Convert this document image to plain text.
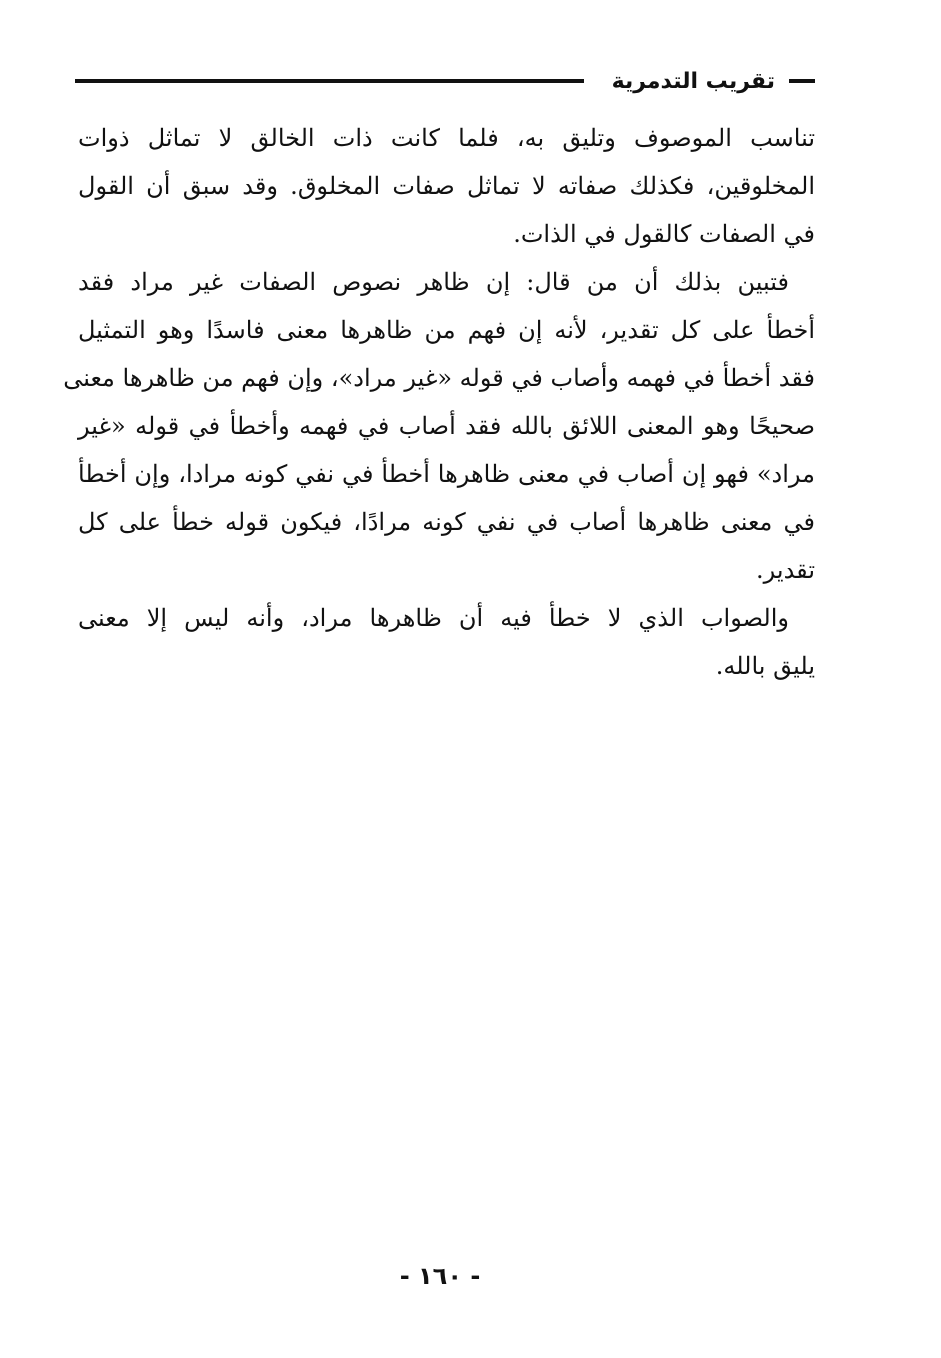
تقريب التدمرية

تناسب الموصوف وتليق به، فلما كانت ذات الخالق لا تماثل ذوات
المخلوقين، فكذلك صفاته لا تماثل صفات المخلوق. وقد سبق أن القول
في الصفات كالقول في الذات.

فتبين بذلك أن من قال: إن ظاهر نصوص الصفات غير مراد فقد
أخطأ على كل تقدير، لأنه إن فهم من ظاهرها معنى فاسدًا وهو التمثيل
فقد أخطأ في فهمه وأصاب في قوله «غير مراد»، وإن فهم من ظاهرها معنى
صحيحًا وهو المعنى اللائق بالله فقد أصاب في فهمه وأخطأ في قوله «غير
مراد» فهو إن أصاب في معنى ظاهرها أخطأ في نفي كونه مرادا، وإن أخطأ
في معنى ظاهرها أصاب في نفي كونه مرادًا، فيكون قوله خطأ على كل
تقدير.

والصواب الذي لا خطأ فيه أن ظاهرها مراد، وأنه ليس إلا معنى
يليق بالله.

- ١٦٠ -
